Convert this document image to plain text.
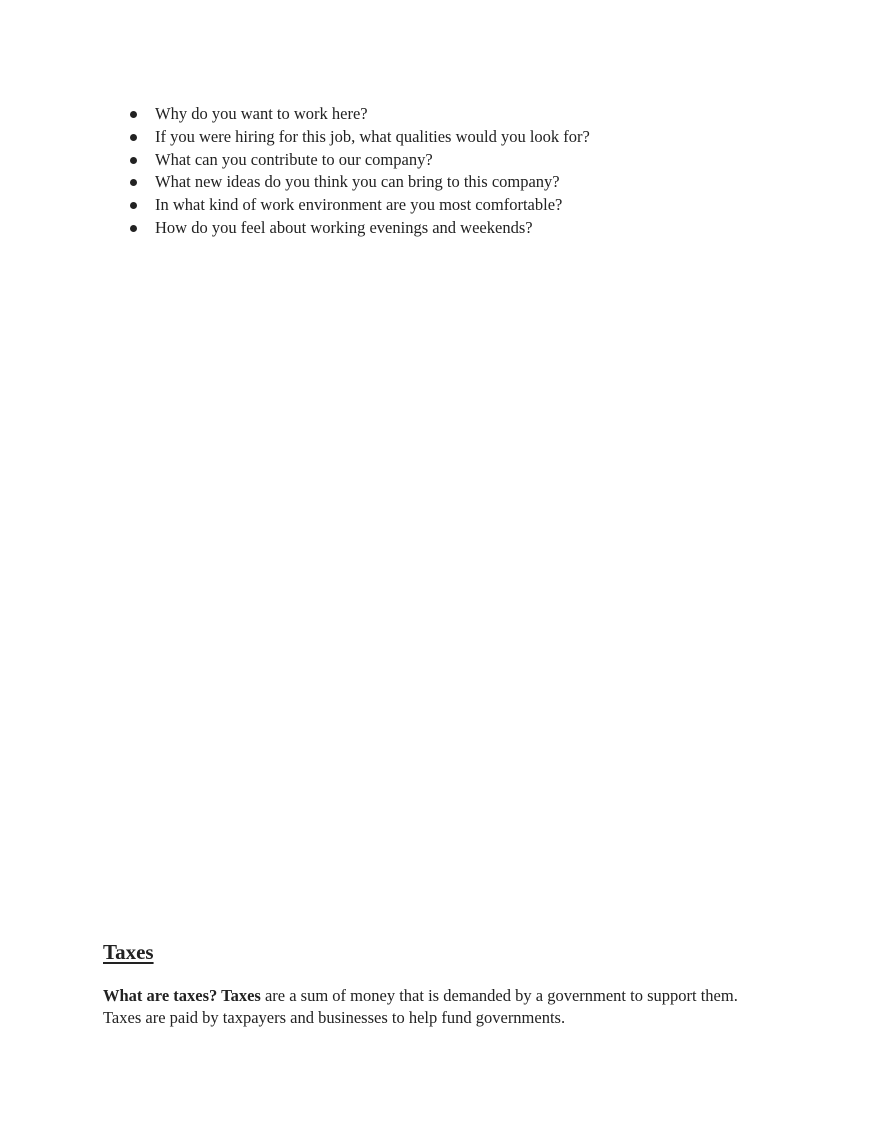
Why do you want to work here?
If you were hiring for this job, what qualities would you look for?
What can you contribute to our company?
What new ideas do you think you can bring to this company?
In what kind of work environment are you most comfortable?
How do you feel about working evenings and weekends?
Taxes

What are taxes? Taxes are a sum of money that is demanded by a government to support them.
Taxes are paid by taxpayers and businesses to help fund governments.
